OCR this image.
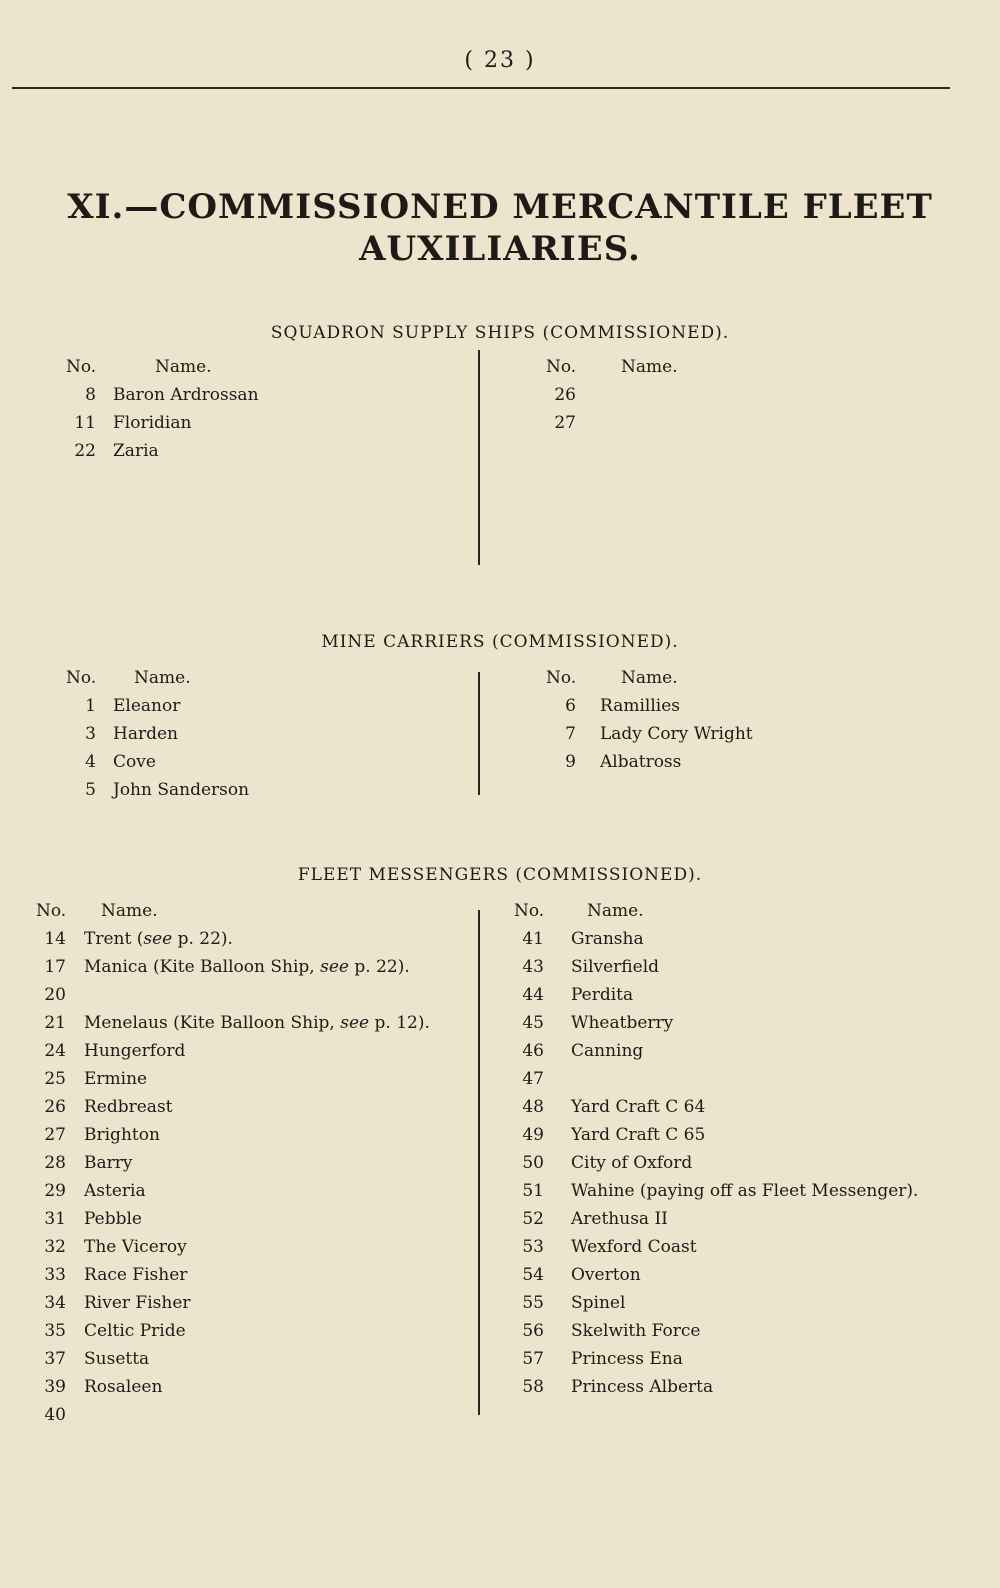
( 23 )
XI.—COMMISSIONED MERCANTILE FLEET AUXILIARIES.
SQUADRON SUPPLY SHIPS (COMMISSIONED).
No.	Name.
8 Baron Ardrossan
11 Floridian
22 Zaria
No.	Name.
26
27
MINE CARRIERS (COMMISSIONED).
No. Name.
1 Eleanor
3 Harden
4 Cove
5 John Sanderson
No.	Name.
6 Ramillies
7 Lady Cory Wright
9 Albatross
FLEET MESSENGERS (COMMISSIONED).
No. Name.
14 Trent (see p. 22).
17 Manica (Kite Balloon Ship, see p. 22).
20
21 Menelaus (Kite Balloon Ship, see p. 12).
24 Hungerford
25 Ermine
26 Redbreast
27 Brighton
28 Barry
29 Asteria
31 Pebble
32 The Viceroy
33 Race Fisher
34 River Fisher
35 Celtic Pride
37 Susetta
39 Rosaleen
40
No.	Name.
41 Gransha
43 Silverfield
44 Perdita
45 Wheatberry
46 Canning
47
48 Yard Craft C 64
49 Yard Craft C 65
50 City of Oxford
51 Wahine (paying off as Fleet Messenger).
52 Arethusa II
53 Wexford Coast
54 Overton
55 Spinel
56 Skelwith Force
57 Princess Ena
58 Princess Alberta
